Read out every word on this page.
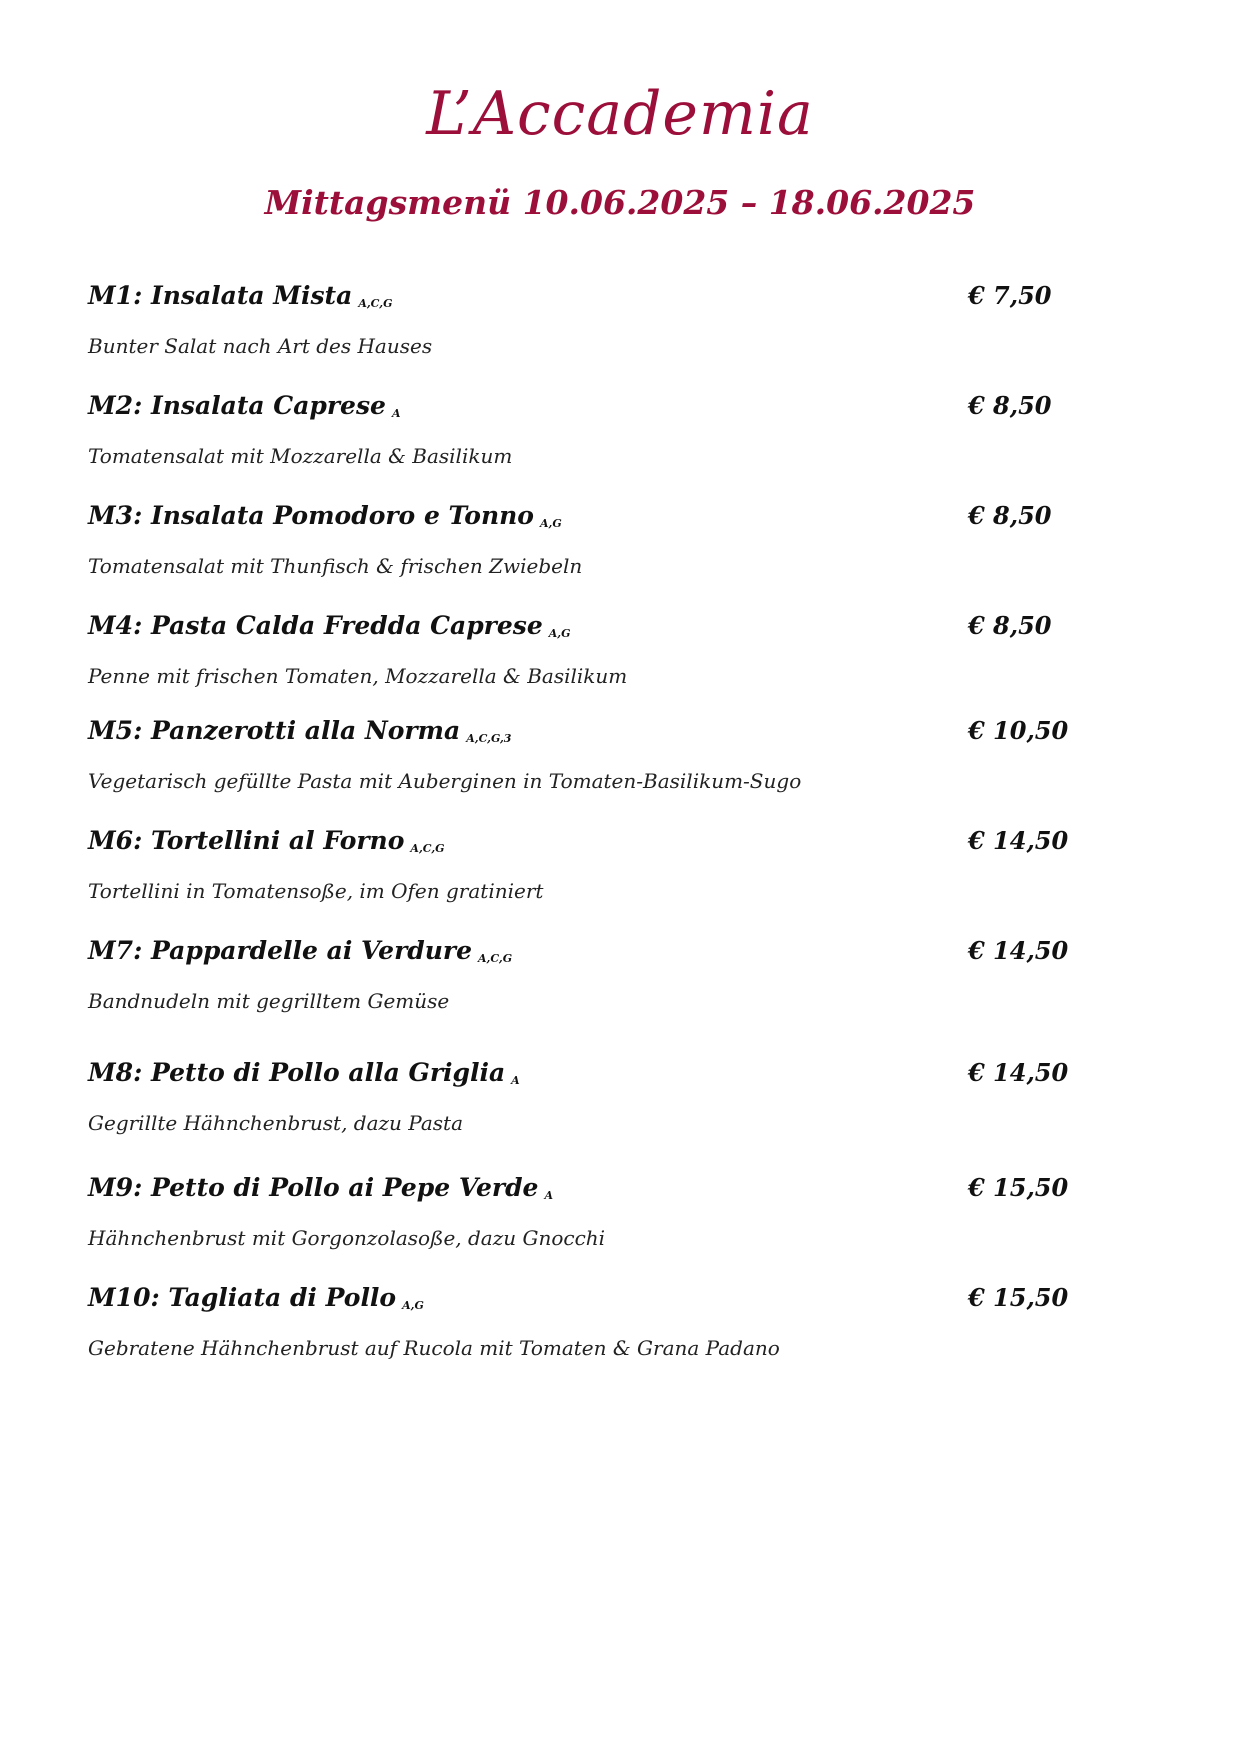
L’Accademia
Mittagsmenü 10.06.2025 – 18.06.2025
M1: Insalata Mista A,C,G	€ 7,50
Bunter Salat nach Art des Hauses
M2: Insalata Caprese A	€ 8,50
Tomatensalat mit Mozzarella & Basilikum
M3: Insalata Pomodoro e Tonno A,G	€ 8,50
Tomatensalat mit Thunfisch & frischen Zwiebeln
M4: Pasta Calda Fredda Caprese A,G	€ 8,50
Penne mit frischen Tomaten, Mozzarella & Basilikum
M5: Panzerotti alla Norma A,C,G,3	€ 10,50
Vegetarisch gefüllte Pasta mit Auberginen in Tomaten-Basilikum-Sugo
M6: Tortellini al Forno A,C,G	€ 14,50
Tortellini in Tomatensoße, im Ofen gratiniert
M7: Pappardelle ai Verdure A,C,G	€ 14,50
Bandnudeln mit gegrilltem Gemüse
M8: Petto di Pollo alla Griglia A	€ 14,50
Gegrillte Hähnchenbrust, dazu Pasta
M9: Petto di Pollo ai Pepe Verde A	€ 15,50
Hähnchenbrust mit Gorgonzolasoße, dazu Gnocchi
M10: Tagliata di Pollo A,G	€ 15,50
Gebratene Hähnchenbrust auf Rucola mit Tomaten & Grana Padano
